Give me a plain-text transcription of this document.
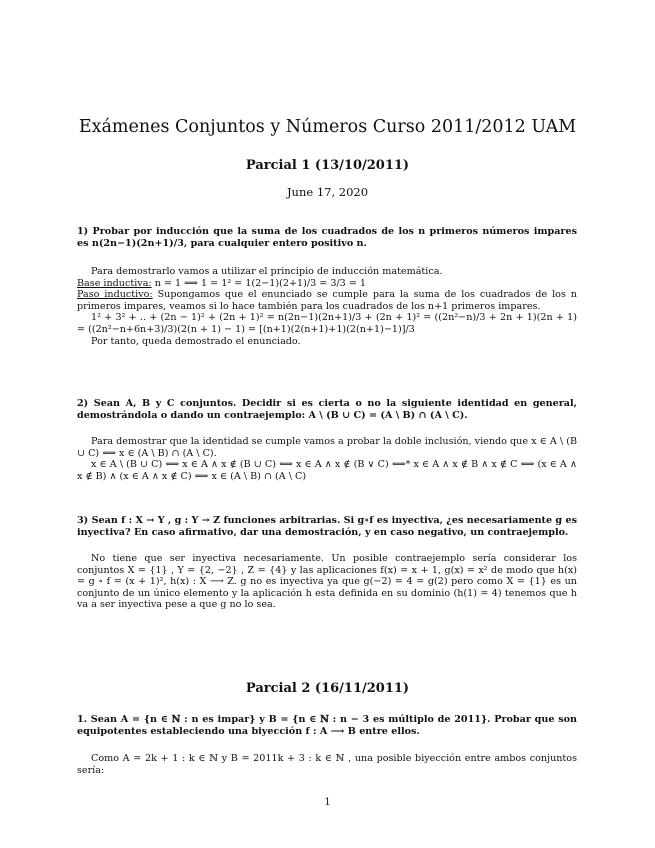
Exámenes Conjuntos y Números Curso 2011/2012 UAM
Parcial 1 (13/10/2011)
June 17, 2020

1) Probar por inducción que la suma de los cuadrados de los n primeros números impares es n(2n−1)(2n+1)/3, para cualquier entero positivo n.

Para demostrarlo vamos a utilizar el principio de inducción matemática.

Base inductiva: n = 1 ⟹ 1 = 1² = 1(2−1)(2+1)/3 = 3/3 = 1

Paso inductivo: Supongamos que el enunciado se cumple para la suma de los cuadrados de los n primeros impares, veamos si lo hace también para los cuadrados de los n+1 primeros impares.

1² + 3² + .. + (2n − 1)² + (2n + 1)² = n(2n−1)(2n+1)/3 + (2n + 1)² = ((2n²−n)/3 + 2n + 1)(2n + 1) = ((2n²−n+6n+3)/3)(2(n + 1) − 1) = [(n+1)(2(n+1)+1)(2(n+1)−1)]/3

Por tanto, queda demostrado el enunciado.

2) Sean A, B y C conjuntos. Decidir si es cierta o no la siguiente identidad en general, demostrándola o dando un contraejemplo: A \ (B ∪ C) = (A \ B) ∩ (A \ C).

Para demostrar que la identidad se cumple vamos a probar la doble inclusión, viendo que x ∈ A \ (B ∪ C) ⟺ x ∈ (A \ B) ∩ (A \ C).

x ∈ A \ (B ∪ C) ⟺ x ∈ A ∧ x ∉ (B ∪ C) ⟺ x ∈ A ∧ x ∉ (B ∨ C) ⟺* x ∈ A ∧ x ∉ B ∧ x ∉ C ⟺ (x ∈ A ∧ x ∉ B) ∧ (x ∈ A ∧ x ∉ C) ⟺ x ∈ (A \ B) ∩ (A \ C)

3) Sean f : X → Y , g : Y → Z funciones arbitrarias. Si g∘f es inyectiva, ¿es necesariamente g es inyectiva? En caso afirmativo, dar una demostración, y en caso negativo, un contraejemplo.

No tiene que ser inyectiva necesariamente. Un posible contraejemplo sería considerar los conjuntos X = {1} , Y = {2, −2} , Z = {4} y las aplicaciones f(x) = x + 1, g(x) = x² de modo que h(x) = g ∘ f = (x + 1)², h(x) : X ⟶ Z. g no es inyectiva ya que g(−2) = 4 = g(2) pero como X = {1} es un conjunto de un único elemento y la aplicación h esta definida en su dominio (h(1) = 4) tenemos que h va a ser inyectiva pese a que g no lo sea.

Parcial 2 (16/11/2011)

1. Sean A = {n ∈ ℕ : n es impar} y B = {n ∈ ℕ : n − 3 es múltiplo de 2011}. Probar que son equipotentes estableciendo una biyección f : A ⟶ B entre ellos.

Como A = 2k + 1 : k ∈ ℕ y B = 2011k + 3 : k ∈ ℕ , una posible biyección entre ambos conjuntos sería:

1
